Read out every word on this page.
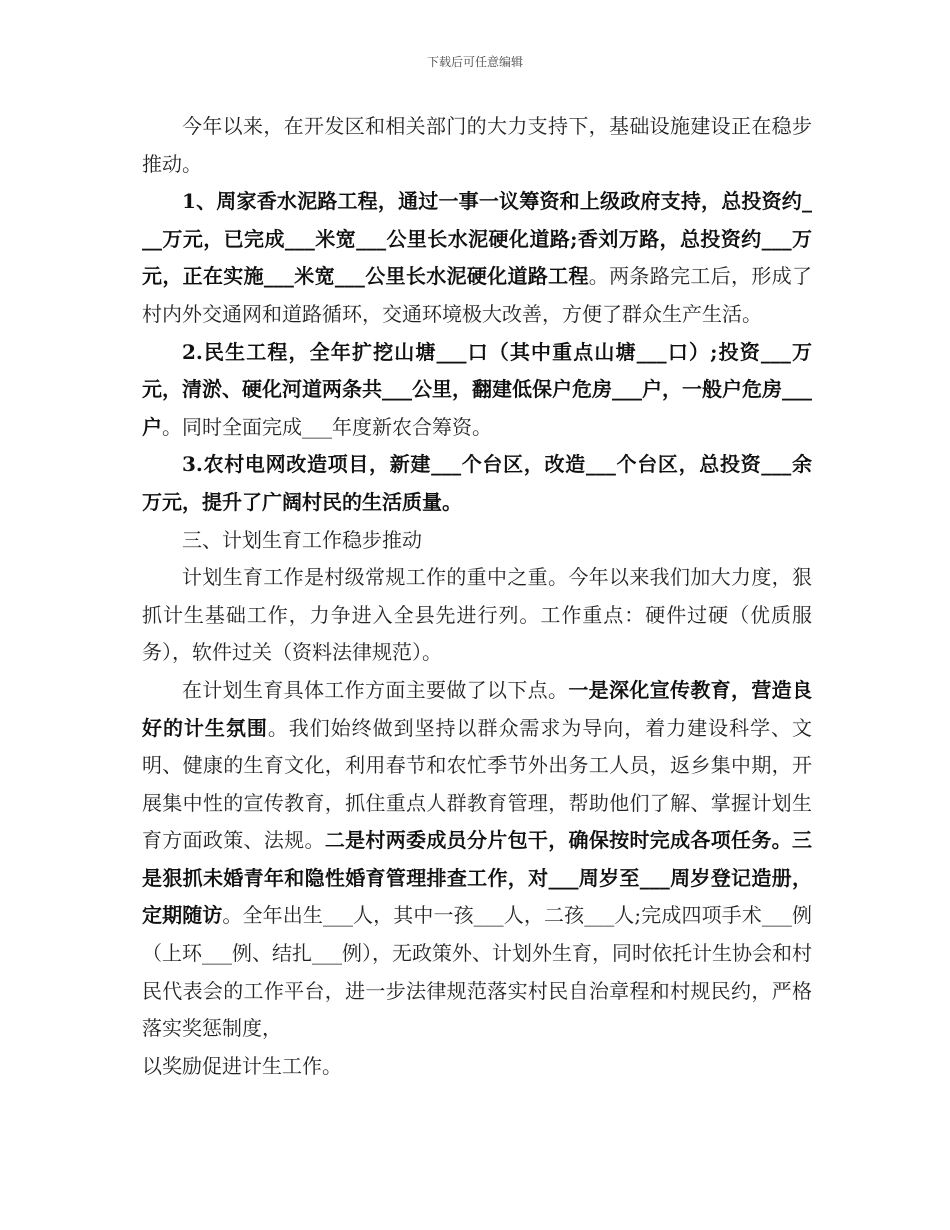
下载后可任意编辑

今年以来，在开发区和相关部门的大力支持下，基础设施建设正在稳步推动。

1、周家香水泥路工程，通过一事一议筹资和上级政府支持，总投资约___万元，已完成___米宽___公里长水泥硬化道路;香刘万路，总投资约___万元，正在实施___米宽___公里长水泥硬化道路工程。两条路完工后，形成了村内外交通网和道路循环，交通环境极大改善，方便了群众生产生活。

2.民生工程，全年扩挖山塘___口（其中重点山塘___口）;投资___万元，清淤、硬化河道两条共___公里，翻建低保户危房___户，一般户危房___户。同时全面完成___年度新农合筹资。

3.农村电网改造项目，新建___个台区，改造___个台区，总投资___余万元，提升了广阔村民的生活质量。

三、计划生育工作稳步推动

计划生育工作是村级常规工作的重中之重。今年以来我们加大力度，狠抓计生基础工作，力争进入全县先进行列。工作重点：硬件过硬（优质服务），软件过关（资料法律规范）。

在计划生育具体工作方面主要做了以下点。一是深化宣传教育，营造良好的计生氛围。我们始终做到坚持以群众需求为导向，着力建设科学、文明、健康的生育文化，利用春节和农忙季节外出务工人员，返乡集中期，开展集中性的宣传教育，抓住重点人群教育管理，帮助他们了解、掌握计划生育方面政策、法规。二是村两委成员分片包干，确保按时完成各项任务。三是狠抓未婚青年和隐性婚育管理排查工作，对___周岁至___周岁登记造册，定期随访。全年出生___人，其中一孩___人，二孩___人;完成四项手术___例（上环___例、结扎___例），无政策外、计划外生育，同时依托计生协会和村民代表会的工作平台，进一步法律规范落实村民自治章程和村规民约，严格落实奖惩制度，

以奖励促进计生工作。
